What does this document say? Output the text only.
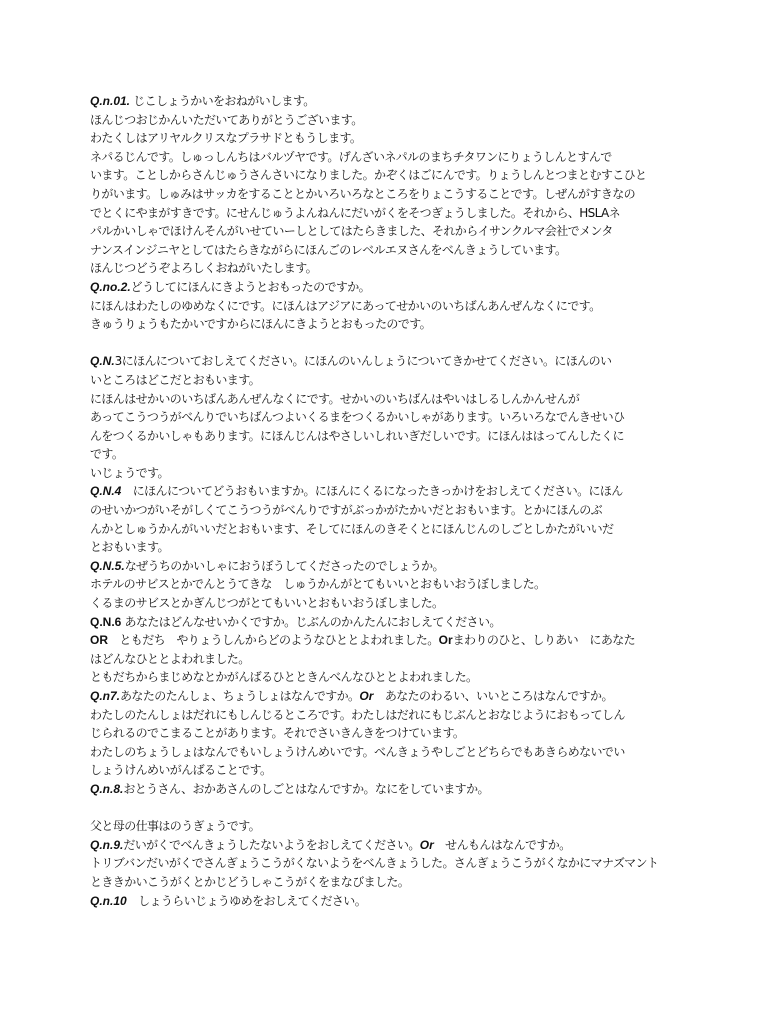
Q.n.01. じこしょうかいをおねがいします。
ほんじつおじかんいただいてありがとうございます。
わたくしはアリヤルクリスなプラサドともうします。
ネパるじんです。しゅっしんちはバルヅヤです。げんざいネパルのまちチタワンにりょうしんとすんで
います。ことしからさんじゅうさんさいになりました。かぞくはごにんです。りょうしんとつまとむすこひと
りがいます。しゅみはサッカをすることとかいろいろなところをりょこうすることです。しぜんがすきなの
でとくにやまがすきです。にせんじゅうよんねんにだいがくをそつぎょうしました。それから、HSLAネ
パルかいしゃでほけんそんがいせていーしとしてはたらきました、それからイサンクルマ会社でメンタ
ナンスインジニヤとしてはたらきながらにほんごのレベルエヌさんをべんきょうしています。
ほんじつどうぞよろしくおねがいたします。
Q.no.2.どうしてにほんにきようとおもったのですか。
にほんはわたしのゆめなくにです。にほんはアジアにあってせかいのいちばんあんぜんなくにです。
きゅうりょうもたかいですからにほんにきようとおもったのです。
Q.N.3にほんについておしえてください。にほんのいんしょうについてきかせてください。にほんのい
いところはどこだとおもいます。
にほんはせかいのいちばんあんぜんなくにです。せかいのいちばんはやいはしるしんかんせんが
あってこうつうがべんりでいちばんつよいくるまをつくるかいしゃがあります。いろいろなでんきせいひ
んをつくるかいしゃもあります。にほんじんはやさしいしれいぎだしいです。にほんははってんしたくに
です。
いじょうです。
Q.N.4　にほんについてどうおもいますか。にほんにくるになったきっかけをおしえてください。にほん
のせいかつがいそがしくてこうつうがべんりですがぶっかがたかいだとおもいます。とかにほんのぶ
んかとしゅうかんがいいだとおもいます、そしてにほんのきそくとにほんじんのしごとしかたがいいだ
とおもいます。
Q.N.5.なぜうちのかいしゃにおうぼうしてくださったのでしょうか。
ホテルのサビスとかでんとうてきな　しゅうかんがとてもいいとおもいおうぼしました。
くるまのサビスとかぎんじつがとてもいいとおもいおうぼしました。
Q.N.6 あなたはどんなせいかくですか。じぶんのかんたんにおしえてください。
OR　ともだち　やりょうしんからどのようなひととよわれました。Orまわりのひと、しりあい　にあなた
はどんなひととよわれました。
ともだちからまじめなとかがんばるひとときんべんなひととよわれました。
Q.n7.あなたのたんしょ、ちょうしょはなんですか。Or　あなたのわるい、いいところはなんですか。
わたしのたんしょはだれにもしんじるところです。わたしはだれにもじぶんとおなじようにおもってしん
じられるのでこまることがあります。それでさいきんきをつけています。
わたしのちょうしょはなんでもいしょうけんめいです。べんきょうやしごとどちらでもあきらめないでい
しょうけんめいがんばることです。
Q.n.8.おとうさん、おかあさんのしごとはなんですか。なにをしていますか。
父と母の仕事はのうぎょうです。
Q.n.9.だいがくでべんきょうしたないようをおしえてください。Or　せんもんはなんですか。
トリブバンだいがくでさんぎょうこうがくないようをべんきょうした。さんぎょうこうがくなかにマナズマント
とききかいこうがくとかじどうしゃこうがくをまなびました。
Q.n.10　しょうらいじょうゆめをおしえてください。
